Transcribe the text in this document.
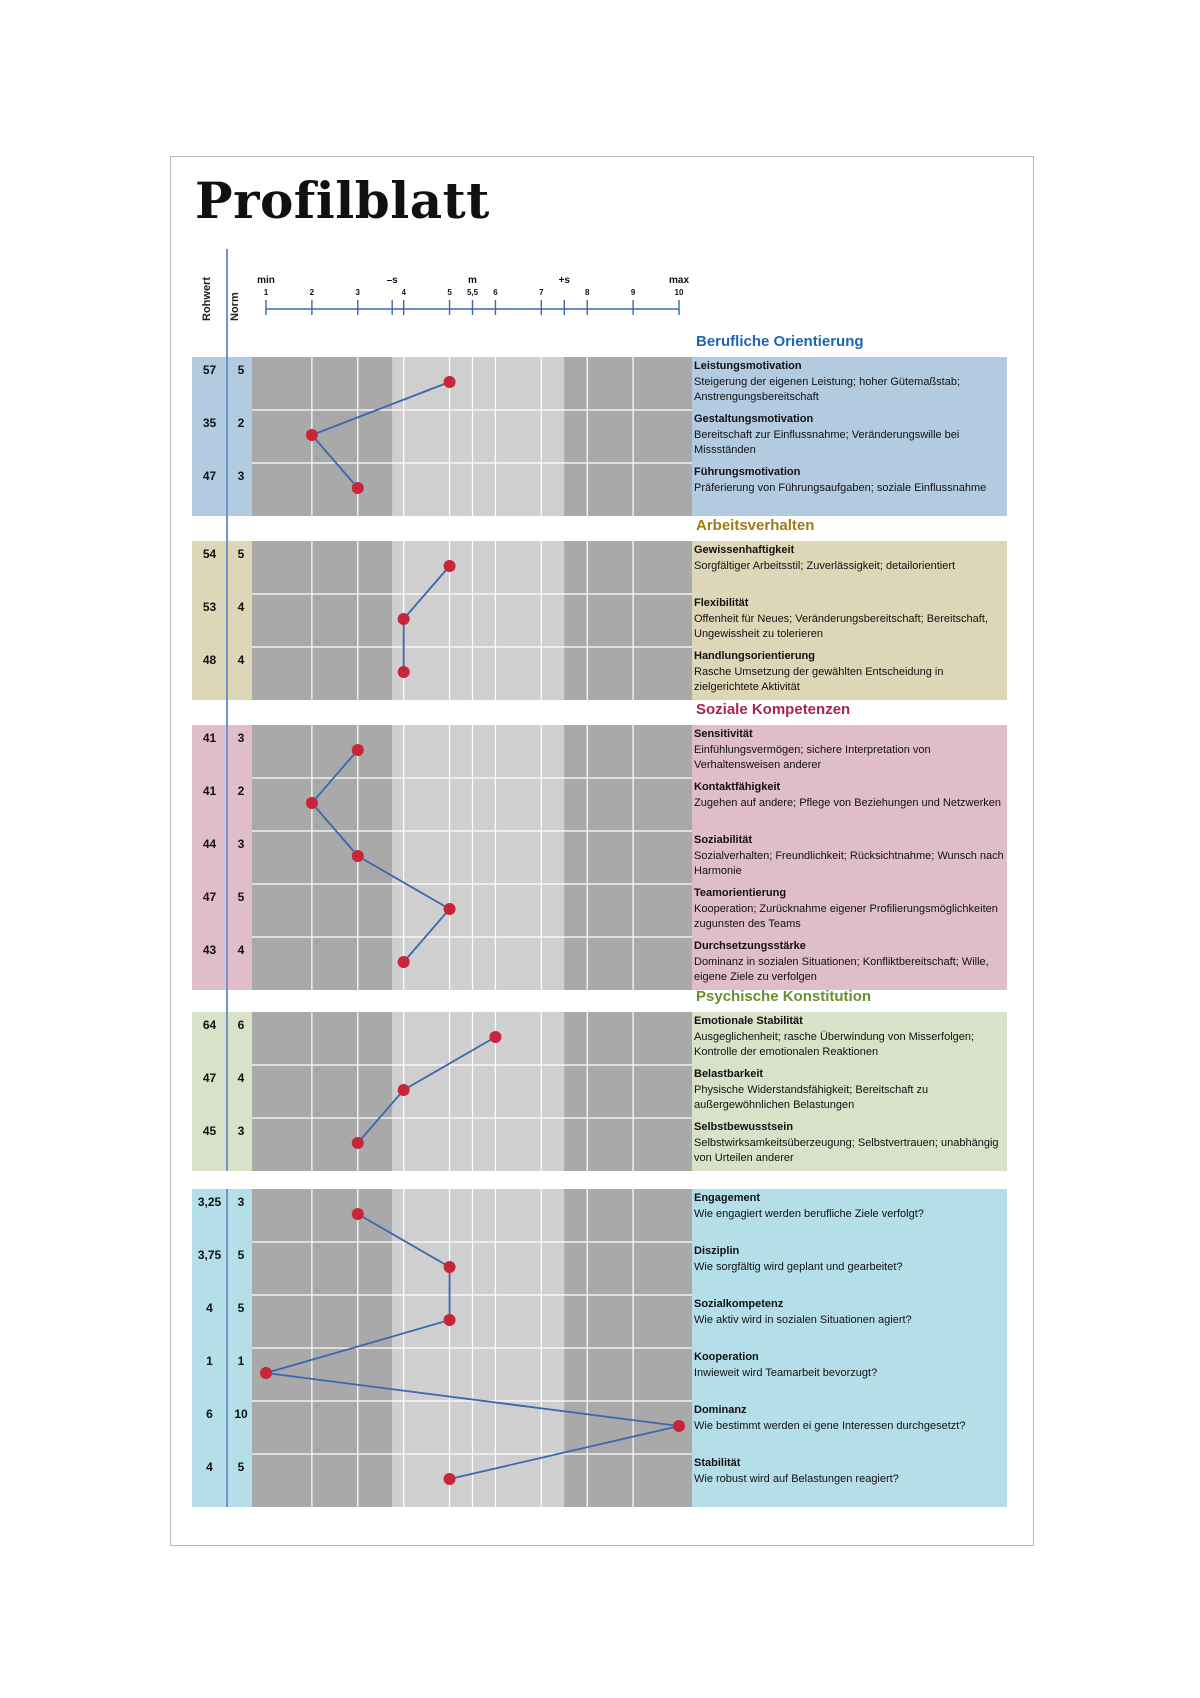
Profilblatt
Rohwert Norm	1
min
2	3
–s
4	5 5,5
m
6	7
+s
8	9	10
max
Berufliche Orientierung
57	5	Leistungsmotivation
Steigerung der eigenen Leistung; hoher Gütemaßstab; Anstrengungsbereitschaft
35	2	Gestaltungsmotivation
Bereitschaft zur Einflussnahme; Veränderungswille bei Missständen
47	3	Führungsmotivation
Präferierung von Führungsaufgaben; soziale Einflussnahme
Arbeitsverhalten
54	5	Gewissenhaftigkeit
Sorgfältiger Arbeitsstil; Zuverlässigkeit; detailorientiert
53	4	Flexibilität
Offenheit für Neues; Veränderungsbereitschaft; Bereitschaft, Ungewissheit zu tolerieren
48	4	Handlungsorientierung
Rasche Umsetzung der gewählten Entscheidung in zielgerichtete Aktivität
Soziale Kompetenzen
41	3	Sensitivität
Einfühlungsvermögen; sichere Interpretation von Verhaltensweisen anderer
41	2	Kontaktfähigkeit
Zugehen auf andere; Pflege von Beziehungen und Netzwerken
44	3	Soziabilität
Sozialverhalten; Freundlichkeit; Rücksichtnahme; Wunsch nach Harmonie
47	5	Teamorientierung
Kooperation; Zurücknahme eigener Profilierungsmöglichkeiten zugunsten des Teams
43	4	Durchsetzungsstärke
Dominanz in sozialen Situationen; Konfliktbereitschaft; Wille, eigene Ziele zu verfolgen
Psychische Konstitution
64	6	Emotionale Stabilität
Ausgeglichenheit; rasche Überwindung von Misserfolgen; Kontrolle der emotionalen Reaktionen
47	4	Belastbarkeit
Physische Widerstandsfähigkeit; Bereitschaft zu außergewöhnlichen Belastungen
45	3	Selbstbewusstsein
Selbstwirksamkeitsüberzeugung; Selbstvertrauen; unabhängig von Urteilen anderer
3,25	3	Engagement
Wie engagiert werden berufliche Ziele verfolgt?
3,75	5	Disziplin
Wie sorgfältig wird geplant und gearbeitet?
4	5	Sozialkompetenz
Wie aktiv wird in sozialen Situationen agiert?
1	1	Kooperation
Inwieweit wird Teamarbeit bevorzugt?
6	10	Dominanz
Wie bestimmt werden ei gene Interessen durchgesetzt?
4	5	Stabilität
Wie robust wird auf Belastungen reagiert?
